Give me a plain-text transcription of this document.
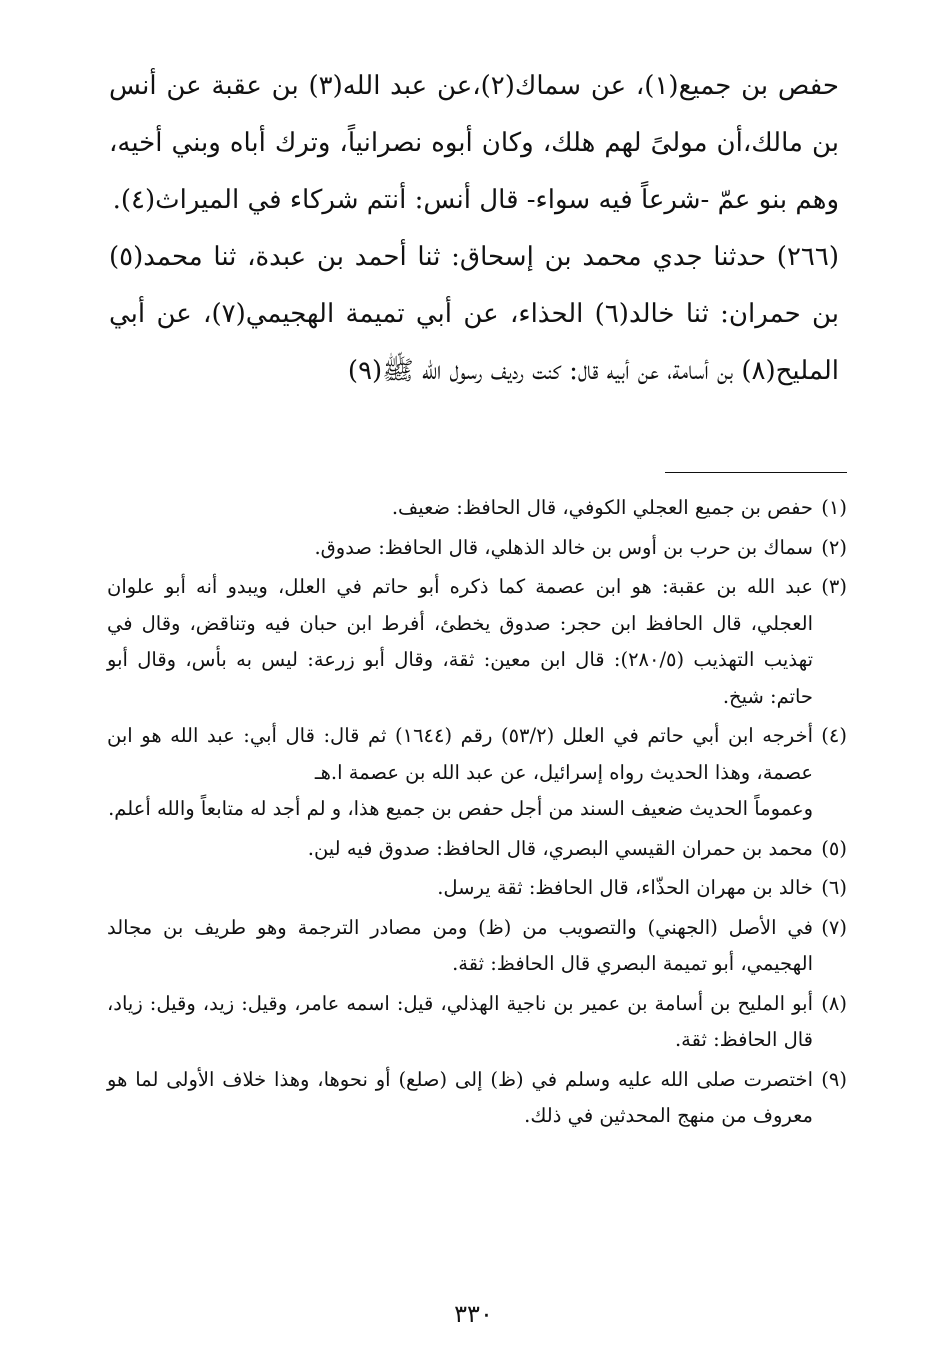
حفص بن جميع(١)، عن سماك(٢)،عن عبد الله(٣) بن عقبة عن أنس بن مالك،أن مولىً لهم هلك، وكان أبوه نصرانياً، وترك أباه وبني أخيه، وهم بنو عمّ -شرعاً فيه سواء- قال أنس: أنتم شركاء في الميراث(٤).

(٢٦٦) حدثنا جدي محمد بن إسحاق: ثنا أحمد بن عبدة، ثنا محمد(٥) بن حمران: ثنا خالد(٦) الحذاء، عن أبي تميمة الهجيمي(٧)، عن أبي المليح(٨) بن أسامة، عن أبيه قال: كنت رديف رسول الله ﷺ(٩)

(١)
حفص بن جميع العجلي الكوفي، قال الحافظ: ضعيف.
(٢)
سماك بن حرب بن أوس بن خالد الذهلي، قال الحافظ: صدوق.
(٣)
عبد الله بن عقبة: هو ابن عصمة كما ذكره أبو حاتم في العلل، ويبدو أنه أبو علوان العجلي، قال الحافظ ابن حجر: صدوق يخطئ، أفرط ابن حبان فيه وتناقض، وقال في تهذيب التهذيب (٢٨٠/٥): قال ابن معين: ثقة، وقال أبو زرعة: ليس به بأس، وقال أبو حاتم: شيخ.
(٤)
أخرجه ابن أبي حاتم في العلل (٥٣/٢) رقم (١٦٤٤) ثم قال: قال أبي: عبد الله هو ابن عصمة، وهذا الحديث رواه إسرائيل، عن عبد الله بن عصمة ا.هـ
وعموماً الحديث ضعيف السند من أجل حفص بن جميع هذا، و لم أجد له متابعاً والله أعلم.
(٥)
محمد بن حمران القيسي البصري، قال الحافظ: صدوق فيه لين.
(٦)
خالد بن مهران الحذّاء، قال الحافظ: ثقة يرسل.
(٧)
في الأصل (الجهني) والتصويب من (ظ) ومن مصادر الترجمة وهو طريف بن مجالد الهجيمي، أبو تميمة البصري قال الحافظ: ثقة.
(٨)
أبو المليح بن أسامة بن عمير بن ناجية الهذلي، قيل: اسمه عامر، وقيل: زيد، وقيل: زياد، قال الحافظ: ثقة.
(٩)
اختصرت صلى الله عليه وسلم في (ظ) إلى (صلع) أو نحوها، وهذا خلاف الأولى لما هو معروف من منهج المحدثين في ذلك.
٣٣٠
